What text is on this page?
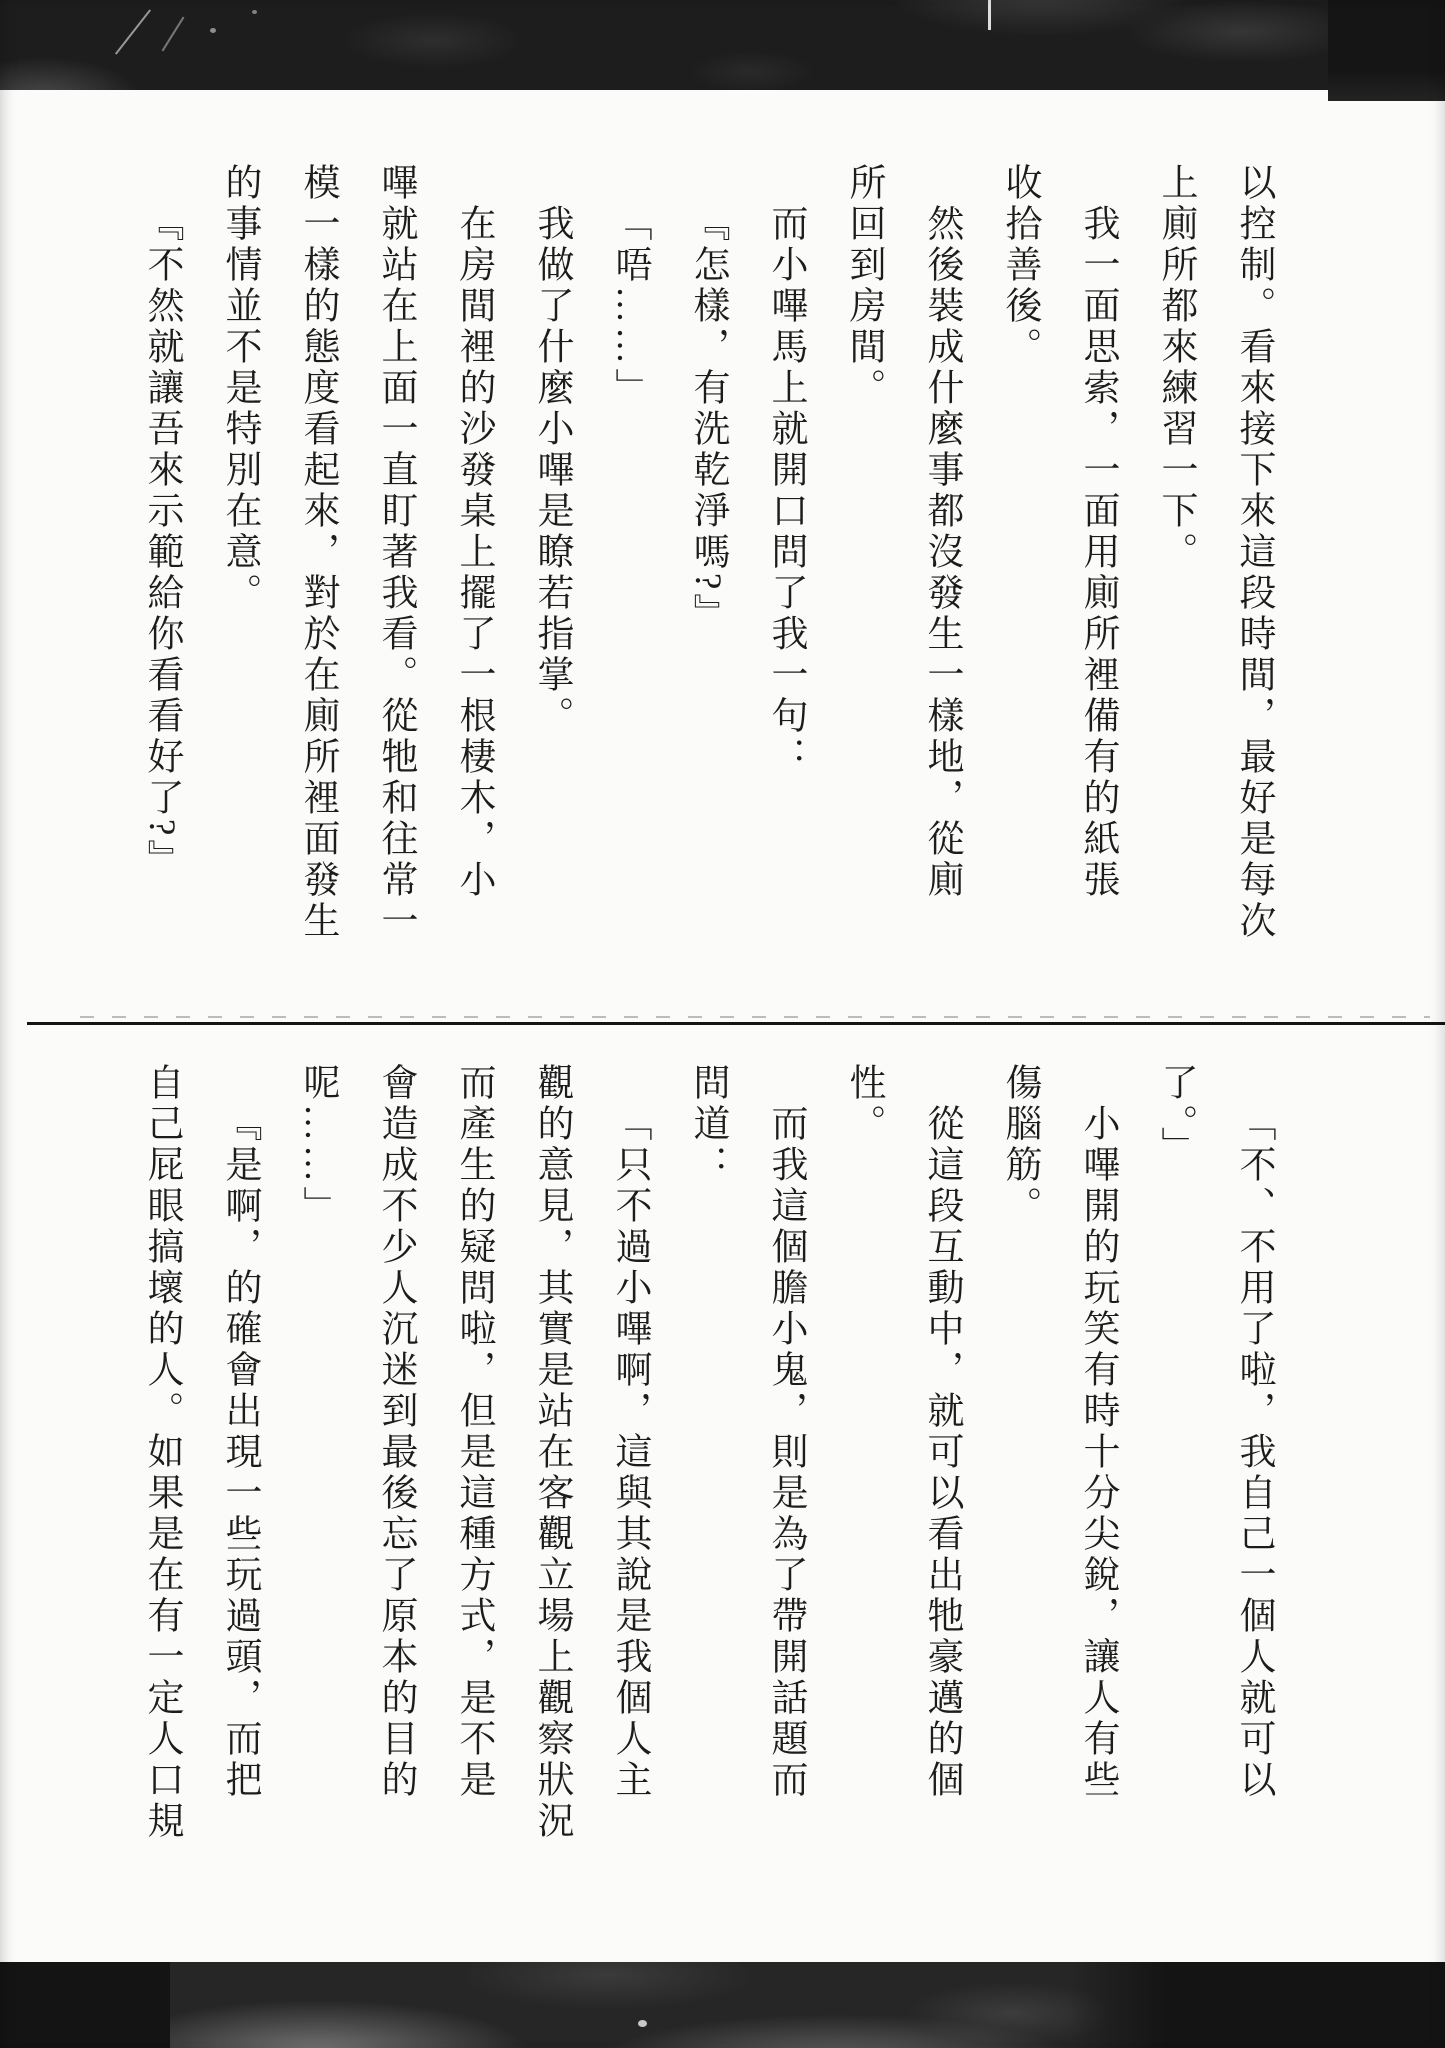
以控制。看來接下來這段時間，最好是每次
上廁所都來練習一下。
我一面思索，一面用廁所裡備有的紙張
收拾善後。
然後裝成什麼事都沒發生一樣地，從廁
所回到房間。
而小嗶馬上就開口問了我一句：
『怎樣，有洗乾淨嗎?』
「唔……」
我做了什麼小嗶是瞭若指掌。
在房間裡的沙發桌上擺了一根棲木，小
嗶就站在上面一直盯著我看。從牠和往常一
模一樣的態度看起來，對於在廁所裡面發生
的事情並不是特別在意。
『不然就讓吾來示範給你看看好了?』
「不、不用了啦，我自己一個人就可以
了。」
小嗶開的玩笑有時十分尖銳，讓人有些
傷腦筋。
從這段互動中，就可以看出牠豪邁的個
性。
而我這個膽小鬼，則是為了帶開話題而
問道：
「只不過小嗶啊，這與其說是我個人主
觀的意見，其實是站在客觀立場上觀察狀況
而產生的疑問啦，但是這種方式，是不是
會造成不少人沉迷到最後忘了原本的目的
呢……」
『是啊，的確會出現一些玩過頭，而把
自己屁眼搞壞的人。如果是在有一定人口規
